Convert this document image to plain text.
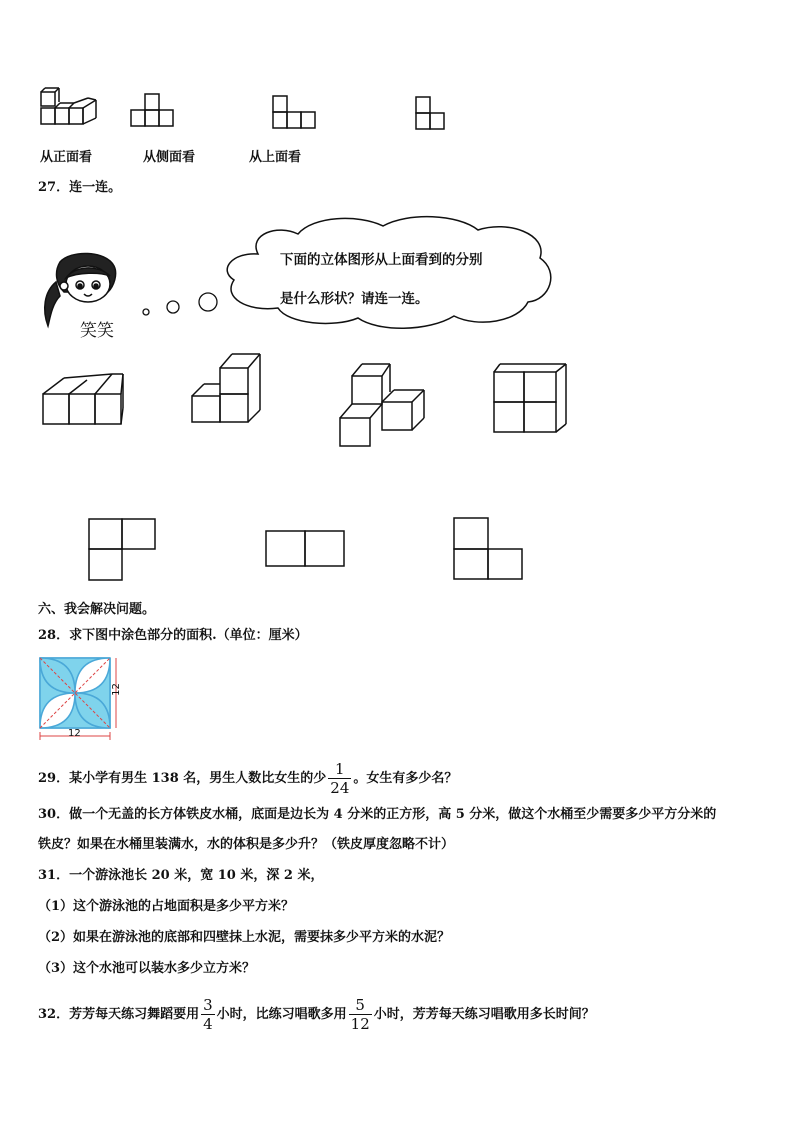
从正面看	从侧面看	从上面看
27．连一连。
笑笑
下面的立体图形从上面看到的分别
是什么形状？请连一连。
六、我会解决问题。
28．求下图中涂色部分的面积.（单位：厘米）
12
12
29．某小学有男生 138 名，男生人数比女生的少 $\frac{1}{24}$ 。女生有多少名？
30．做一个无盖的长方体铁皮水桶，底面是边长为 4 分米的正方形，高 5 分米，做这个水桶至少需要多少平方分米的
铁皮？如果在水桶里装满水，水的体积是多少升？（铁皮厚度忽略不计）
31．一个游泳池长 20 米，宽 10 米，深 2 米，
（1）这个游泳池的占地面积是多少平方米？
（2）如果在游泳池的底部和四壁抹上水泥，需要抹多少平方米的水泥？
（3）这个水池可以装水多少立方米？
32．芳芳每天练习舞蹈要用 $\frac{3}{4}$ 小时，比练习唱歌多用 $\frac{5}{12}$ 小时，芳芳每天练习唱歌用多长时间？
